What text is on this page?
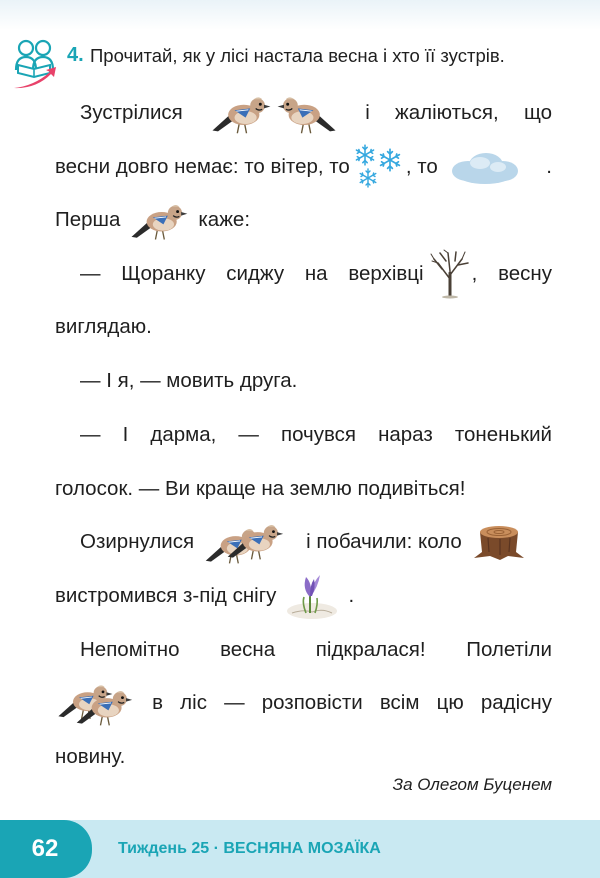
4. Прочитай, як у лісі настала весна і хто її зустрів.
Зустрілися	і жаліються, що
весни довго немає: то вітер, то	, то	.
Перша	каже:
— Щоранку сиджу на верхівці , весну
виглядаю.
— І я, — мовить друга.
— І дарма, — почувся нараз тоненький
голосок. — Ви краще на землю подивіться!
Озирнулися	і побачили: коло
вистромився з-під снігу	.
Непомітно весна підкралася! Полетіли
в ліс — розповісти всім цю радісну
новину.
За Олегом Буценем
62	Тиждень 25 · ВЕСНЯНА МОЗАЇКА
